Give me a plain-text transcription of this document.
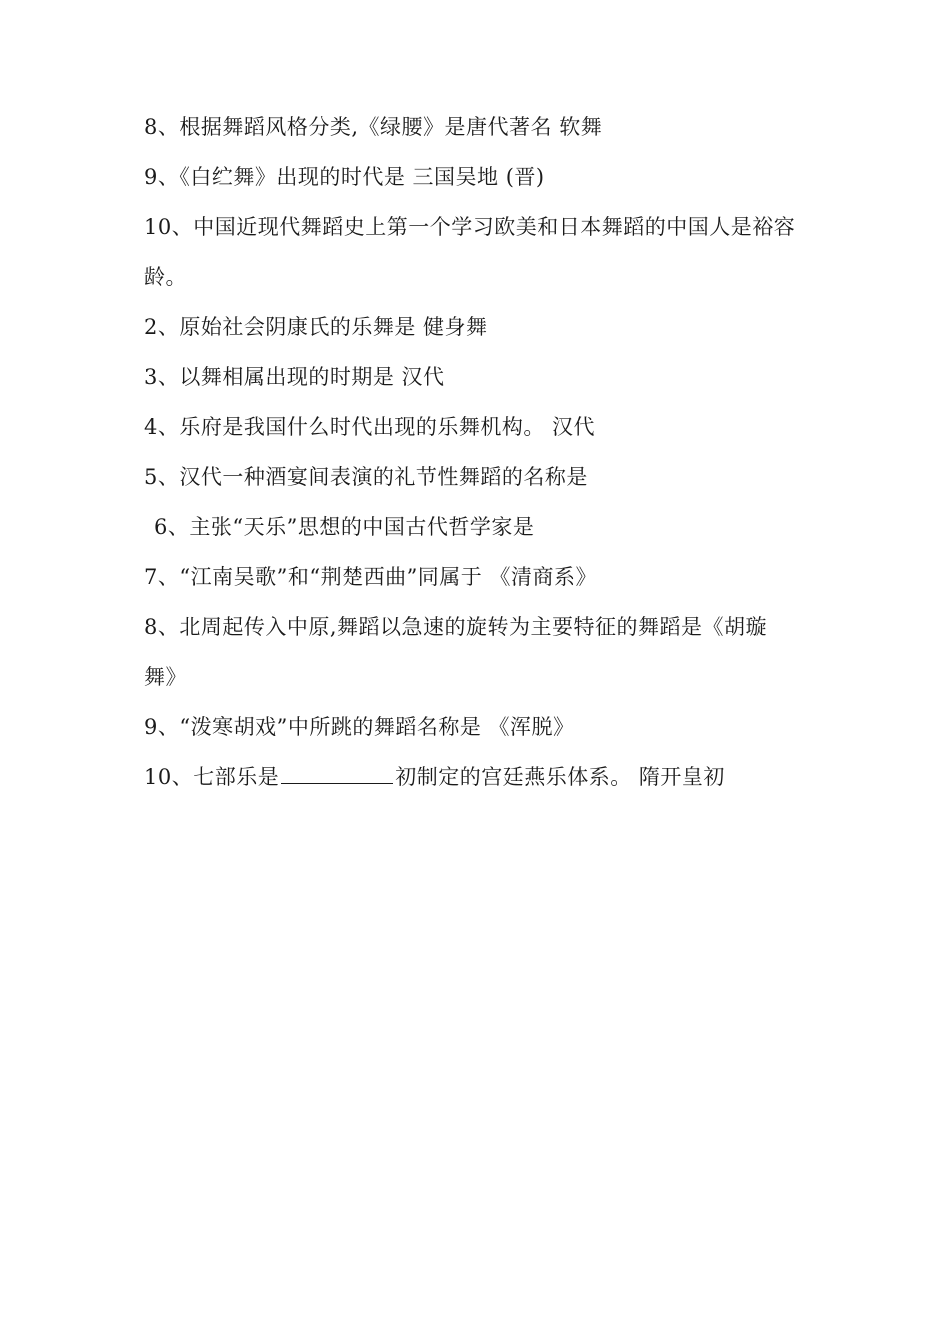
8、根据舞蹈风格分类,《绿腰》是唐代著名 软舞
9、《白纻舞》出现的时代是 三国吴地 (晋)
10、中国近现代舞蹈史上第一个学习欧美和日本舞蹈的中国人是裕容
龄。
2、原始社会阴康氏的乐舞是 健身舞
3、以舞相属出现的时期是 汉代
4、乐府是我国什么时代出现的乐舞机构。 汉代
5、汉代一种酒宴间表演的礼节性舞蹈的名称是
6、主张“天乐”思想的中国古代哲学家是
7、“江南吴歌”和“荆楚西曲”同属于 《清商系》
8、北周起传入中原,舞蹈以急速的旋转为主要特征的舞蹈是《胡璇
舞》
9、“泼寒胡戏”中所跳的舞蹈名称是 《浑脱》
10、七部乐是	初制定的宫廷燕乐体系。 隋开皇初
